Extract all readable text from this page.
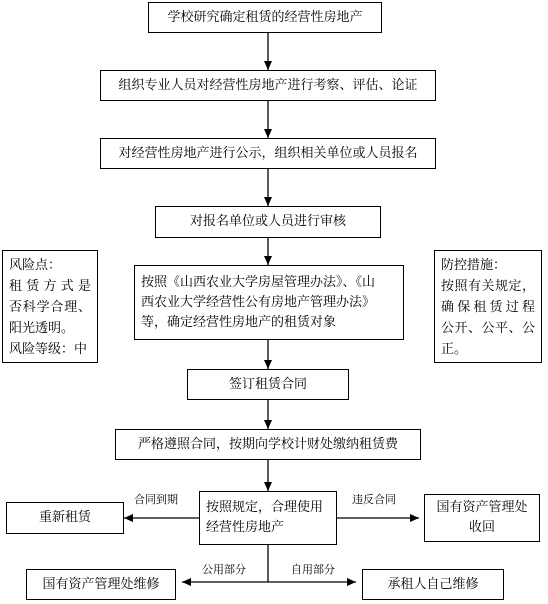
学校研究确定租赁的经营性房地产
组织专业人员对经营性房地产进行考察、评估、论证
对经营性房地产进行公示，组织相关单位或人员报名
对报名单位或人员进行审核
按照《山西农业大学房屋管理办法》、《山
西农业大学经营性公有房地产管理办法》
等，确定经营性房地产的租赁对象
签订租赁合同
严格遵照合同，按期向学校计财处缴纳租赁费
按照规定，合理使用
经营性房地产
重新租赁
国有资产管理处
收回
国有资产管理处维修	承租人自己维修
风险点：
租赁方式是
否科学合理、
阳光透明。
风险等级：中
防控措施：
按照有关规定，
确保租赁过程
公开、公平、公
正。
合同到期	违反合同
公用部分	自用部分
